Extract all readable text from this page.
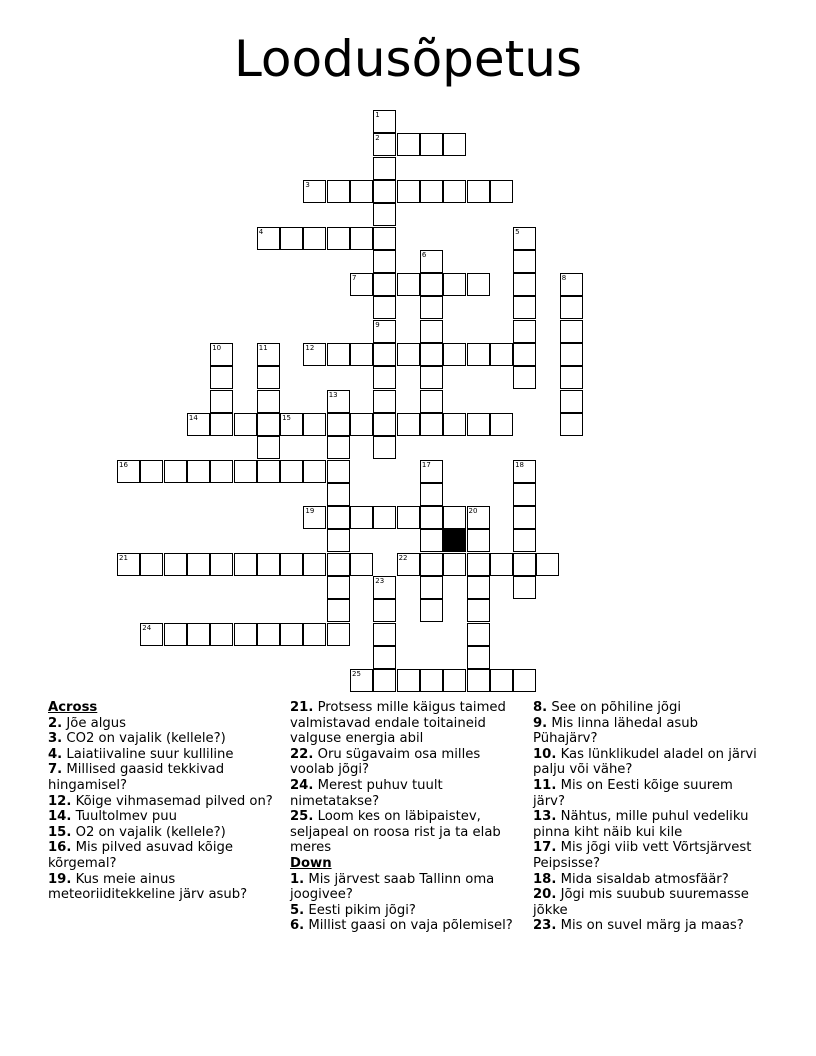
Loodusõpetus
1
2
9
3
4	5
6
7	8
10	11	12
13
14	15
16	17	18
19	20
21	22
23
24
25
Across
2. Jõe algus
3. CO2 on vajalik (kellele?)
4. Laiatiivaline suur kulliline
7. Millised gaasid tekkivad hingamisel?
12. Kõige vihmasemad pilved on?
14. Tuultolmev puu
15. O2 on vajalik (kellele?)
16. Mis pilved asuvad kõige kõrgemal?
19. Kus meie ainus meteoriiditekkeline järv asub?
21. Protsess mille käigus taimed valmistavad endale toitaineid valguse energia abil
22. Oru sügavaim osa milles voolab jõgi?
24. Merest puhuv tuult nimetatakse?
25. Loom kes on läbipaistev, seljapeal on roosa rist ja ta elab meres
Down
1. Mis järvest saab Tallinn oma joogivee?
5. Eesti pikim jõgi?
6. Millist gaasi on vaja põlemisel?
8. See on põhiline jõgi
9. Mis linna lähedal asub Pühajärv?
10. Kas lünklikudel aladel on järvi palju või vähe?
11. Mis on Eesti kõige suurem järv?
13. Nähtus, mille puhul vedeliku pinna kiht näib kui kile
17. Mis jõgi viib vett Võrtsjärvest Peipsisse?
18. Mida sisaldab atmosfäär?
20. Jõgi mis suubub suuremasse jõkke
23. Mis on suvel märg ja maas?
